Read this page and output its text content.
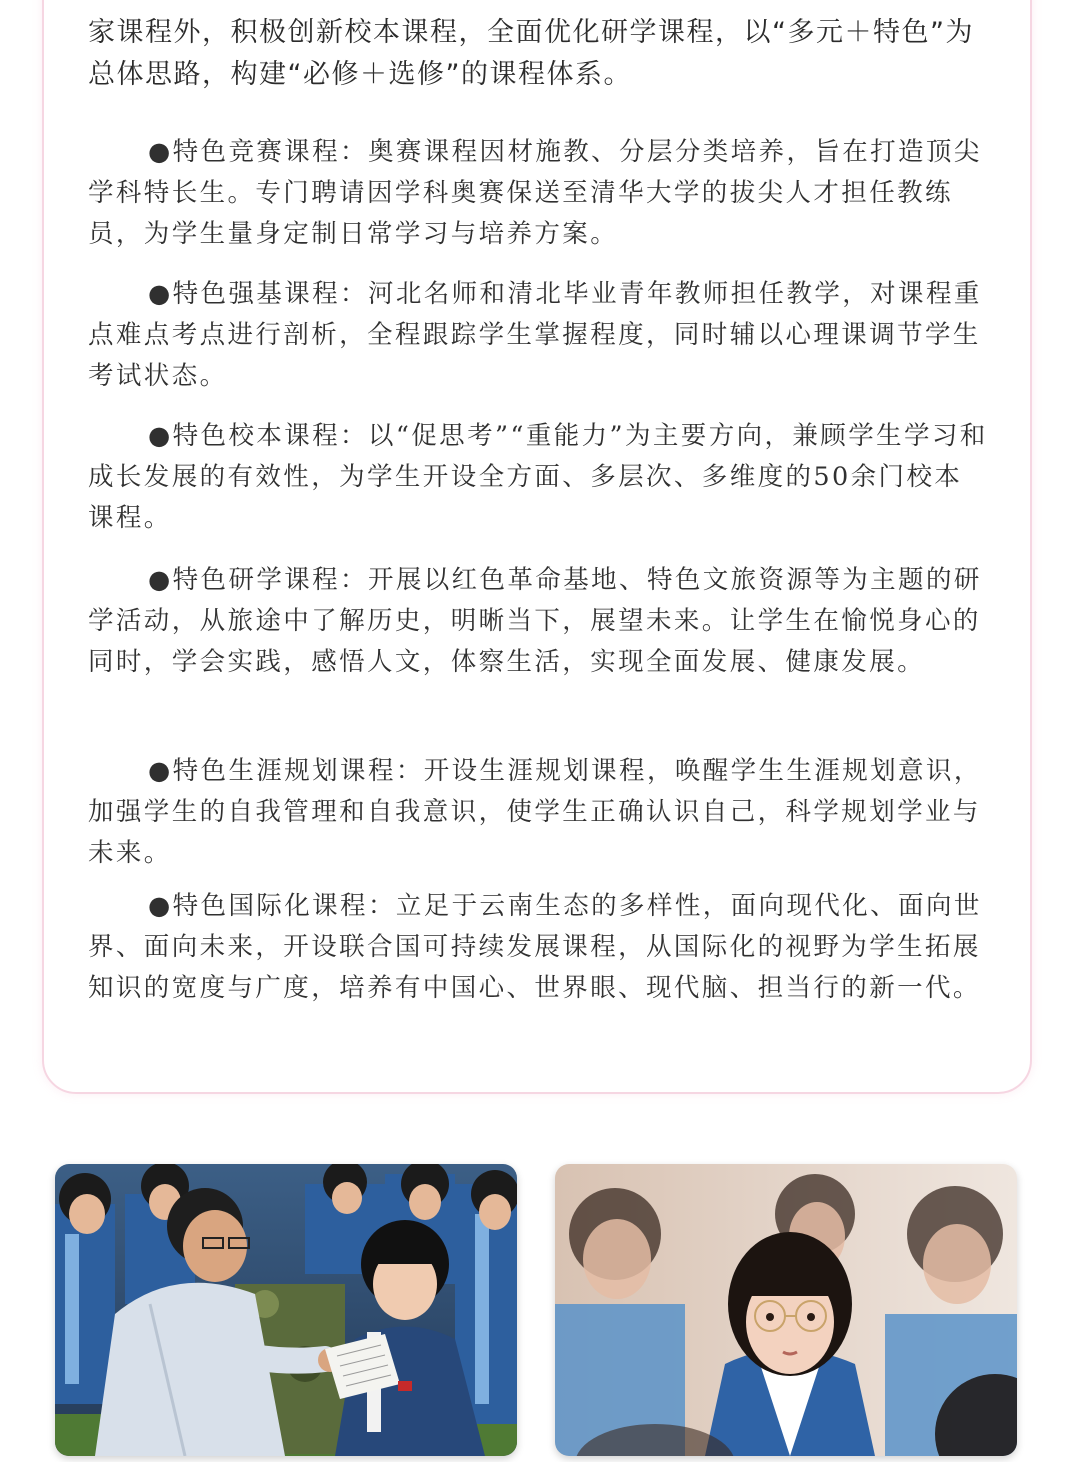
家课程外，积极创新校本课程，全面优化研学课程，以“多元＋特色”为总体思路，构建“必修＋选修”的课程体系。

●特色竞赛课程：奥赛课程因材施教、分层分类培养，旨在打造顶尖学科特长生。专门聘请因学科奥赛保送至清华大学的拔尖人才担任教练员，为学生量身定制日常学习与培养方案。

●特色强基课程：河北名师和清北毕业青年教师担任教学，对课程重点难点考点进行剖析，全程跟踪学生掌握程度，同时辅以心理课调节学生考试状态。

●特色校本课程：以“促思考”“重能力”为主要方向，兼顾学生学习和成长发展的有效性，为学生开设全方面、多层次、多维度的50余门校本课程。

●特色研学课程：开展以红色革命基地、特色文旅资源等为主题的研学活动，从旅途中了解历史，明晰当下，展望未来。让学生在愉悦身心的同时，学会实践，感悟人文，体察生活，实现全面发展、健康发展。

●特色生涯规划课程：开设生涯规划课程，唤醒学生生涯规划意识，加强学生的自我管理和自我意识，使学生正确认识自己，科学规划学业与未来。

●特色国际化课程：立足于云南生态的多样性，面向现代化、面向世界、面向未来，开设联合国可持续发展课程，从国际化的视野为学生拓展知识的宽度与广度，培养有中国心、世界眼、现代脑、担当行的新一代。
